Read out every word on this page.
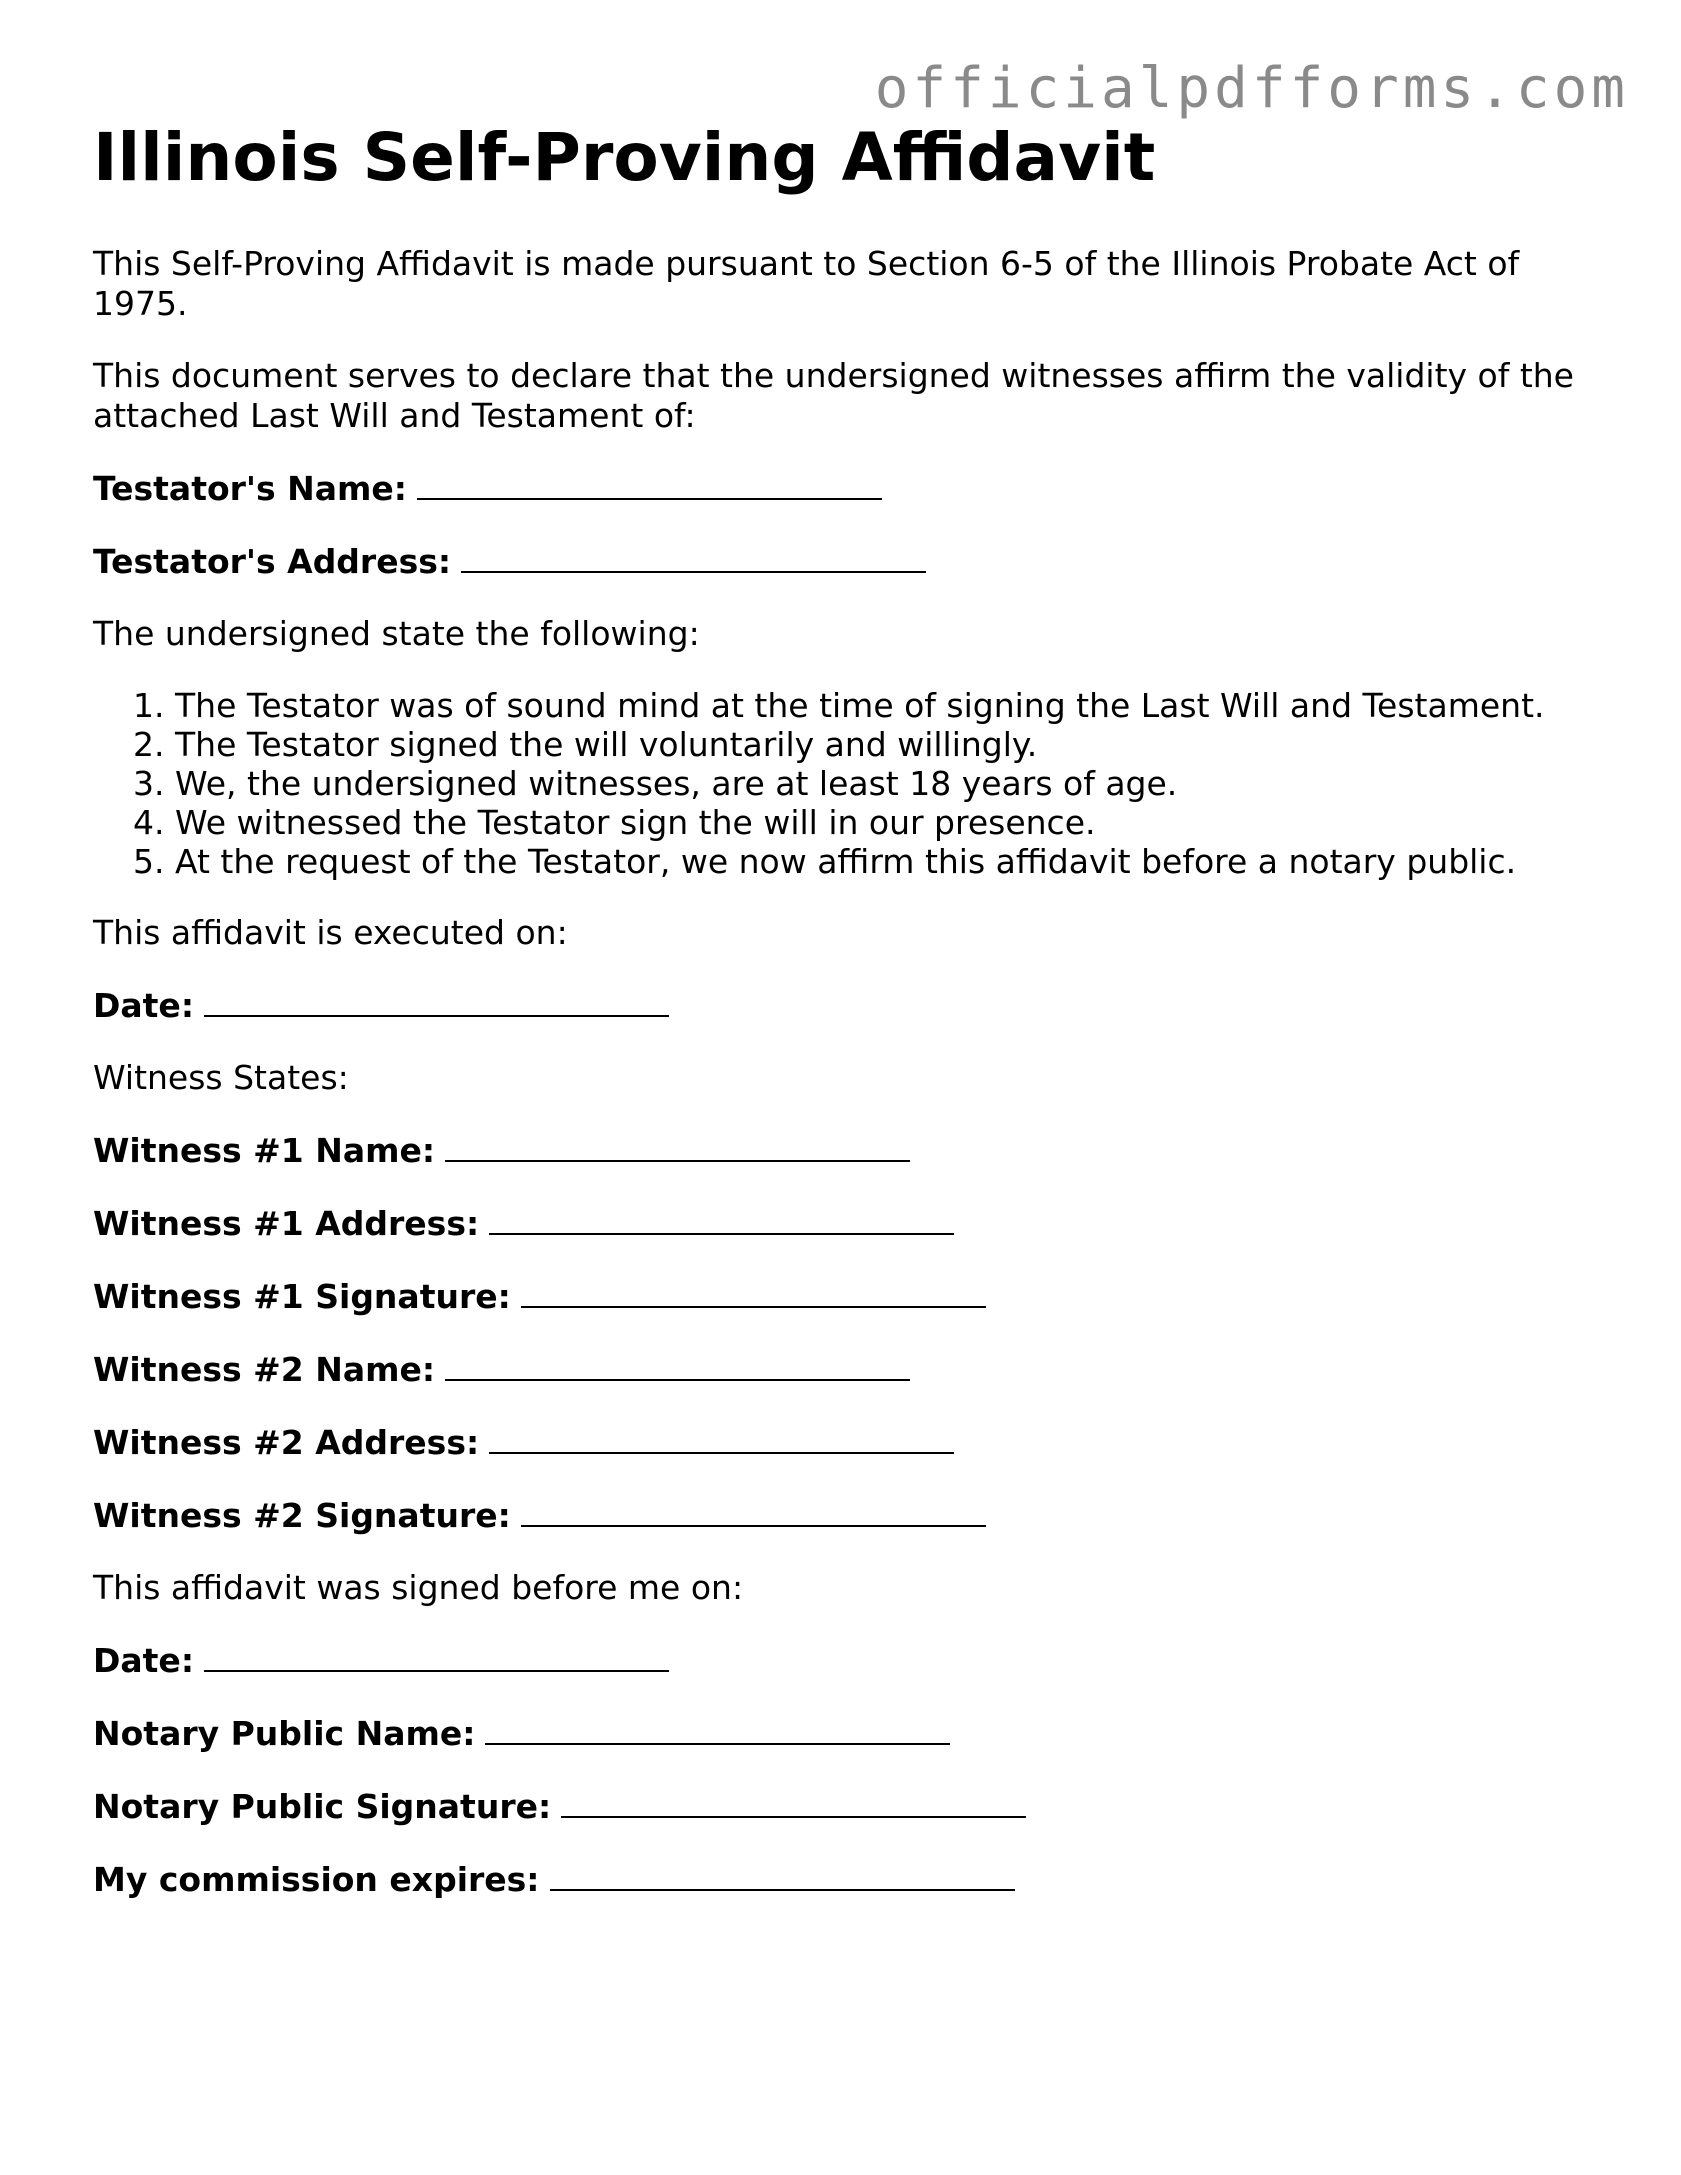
officialpdfforms.com
Illinois Self-Proving Affidavit

This Self-Proving Affidavit is made pursuant to Section 6-5 of the Illinois Probate Act of 1975.

This document serves to declare that the undersigned witnesses affirm the validity of the attached Last Will and Testament of:

Testator's Name:
Testator's Address:

The undersigned state the following:

1. The Testator was of sound mind at the time of signing the Last Will and Testament.
2. The Testator signed the will voluntarily and willingly.
3. We, the undersigned witnesses, are at least 18 years of age.
4. We witnessed the Testator sign the will in our presence.
5. At the request of the Testator, we now affirm this affidavit before a notary public.

This affidavit is executed on:

Date:

Witness States:

Witness #1 Name:
Witness #1 Address:
Witness #1 Signature:
Witness #2 Name:
Witness #2 Address:
Witness #2 Signature:

This affidavit was signed before me on:

Date:
Notary Public Name:
Notary Public Signature:
My commission expires:
